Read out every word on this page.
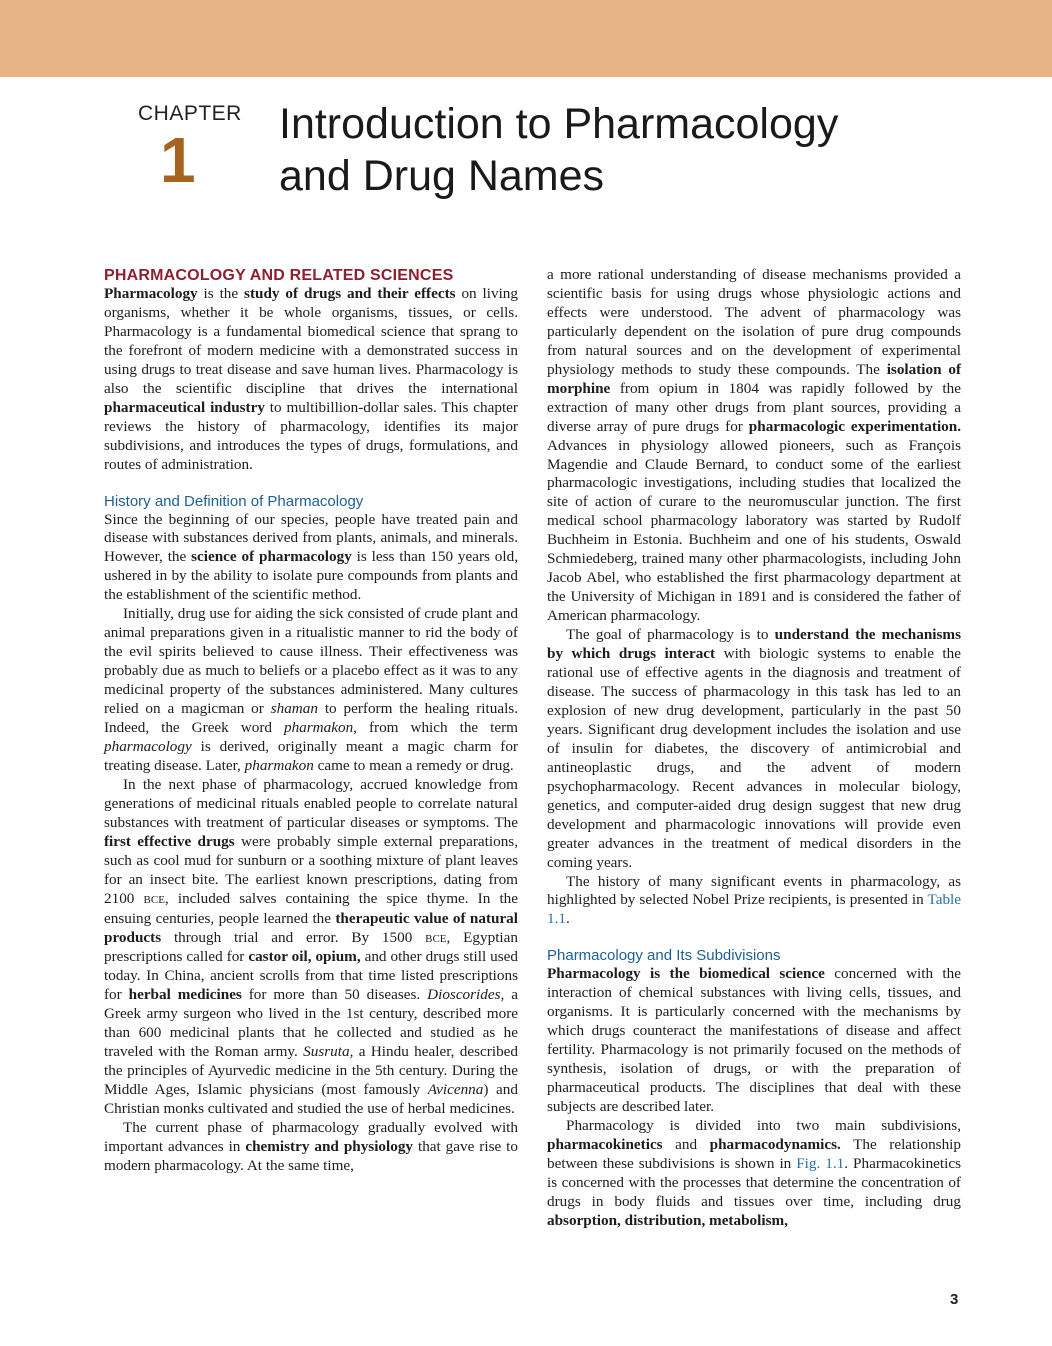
CHAPTER
1 Introduction to Pharmacology
and Drug Names
PHARMACOLOGY AND RELATED SCIENCES

Pharmacology is the study of drugs and their effects on living organisms, whether it be whole organisms, tissues, or cells. Pharmacology is a fundamental biomedical science that sprang to the forefront of modern medicine with a demonstrated success in using drugs to treat disease and save human lives. Pharmacology is also the scientific discipline that drives the international pharmaceutical industry to multibillion-dollar sales. This chapter reviews the history of pharmacology, identifies its major subdivisions, and introduces the types of drugs, formulations, and routes of administration.

History and Definition of Pharmacology

Since the beginning of our species, people have treated pain and disease with substances derived from plants, animals, and minerals. However, the science of pharmacology is less than 150 years old, ushered in by the ability to isolate pure compounds from plants and the establishment of the scientific method.

Initially, drug use for aiding the sick consisted of crude plant and animal preparations given in a ritualistic manner to rid the body of the evil spirits believed to cause illness. Their effectiveness was probably due as much to beliefs or a placebo effect as it was to any medicinal property of the substances administered. Many cultures relied on a magicman or shaman to perform the healing rituals. Indeed, the Greek word pharmakon, from which the term pharmacology is derived, originally meant a magic charm for treating disease. Later, pharmakon came to mean a remedy or drug.

In the next phase of pharmacology, accrued knowledge from generations of medicinal rituals enabled people to correlate natural substances with treatment of particular diseases or symptoms. The first effective drugs were probably simple external preparations, such as cool mud for sunburn or a soothing mixture of plant leaves for an insect bite. The earliest known prescriptions, dating from 2100 BCE, included salves containing the spice thyme. In the ensuing centuries, people learned the therapeutic value of natural products through trial and error. By 1500 BCE, Egyptian prescriptions called for castor oil, opium, and other drugs still used today. In China, ancient scrolls from that time listed prescriptions for herbal medicines for more than 50 diseases. Dioscorides, a Greek army surgeon who lived in the 1st century, described more than 600 medicinal plants that he collected and studied as he traveled with the Roman army. Susruta, a Hindu healer, described the principles of Ayurvedic medicine in the 5th century. During the Middle Ages, Islamic physicians (most famously Avicenna) and Christian monks cultivated and studied the use of herbal medicines.

The current phase of pharmacology gradually evolved with important advances in chemistry and physiology that gave rise to modern pharmacology. At the same time,

a more rational understanding of disease mechanisms provided a scientific basis for using drugs whose physiologic actions and effects were understood. The advent of pharmacology was particularly dependent on the isolation of pure drug compounds from natural sources and on the development of experimental physiology methods to study these compounds. The isolation of morphine from opium in 1804 was rapidly followed by the extraction of many other drugs from plant sources, providing a diverse array of pure drugs for pharmacologic experimentation. Advances in physiology allowed pioneers, such as François Magendie and Claude Bernard, to conduct some of the earliest pharmacologic investigations, including studies that localized the site of action of curare to the neuromuscular junction. The first medical school pharmacology laboratory was started by Rudolf Buchheim in Estonia. Buchheim and one of his students, Oswald Schmiedeberg, trained many other pharmacologists, including John Jacob Abel, who established the first pharmacology department at the University of Michigan in 1891 and is considered the father of American pharmacology.

The goal of pharmacology is to understand the mechanisms by which drugs interact with biologic systems to enable the rational use of effective agents in the diagnosis and treatment of disease. The success of pharmacology in this task has led to an explosion of new drug development, particularly in the past 50 years. Significant drug development includes the isolation and use of insulin for diabetes, the discovery of antimicrobial and antineoplastic drugs, and the advent of modern psychopharmacology. Recent advances in molecular biology, genetics, and computer-aided drug design suggest that new drug development and pharmacologic innovations will provide even greater advances in the treatment of medical disorders in the coming years.

The history of many significant events in pharmacology, as highlighted by selected Nobel Prize recipients, is presented in Table 1.1.

Pharmacology and Its Subdivisions

Pharmacology is the biomedical science concerned with the interaction of chemical substances with living cells, tissues, and organisms. It is particularly concerned with the mechanisms by which drugs counteract the manifestations of disease and affect fertility. Pharmacology is not primarily focused on the methods of synthesis, isolation of drugs, or with the preparation of pharmaceutical products. The disciplines that deal with these subjects are described later.

Pharmacology is divided into two main subdivisions, pharmacokinetics and pharmacodynamics. The relationship between these subdivisions is shown in Fig. 1.1. Pharmacokinetics is concerned with the processes that determine the concentration of drugs in body fluids and tissues over time, including drug absorption, distribution, metabolism,

3
